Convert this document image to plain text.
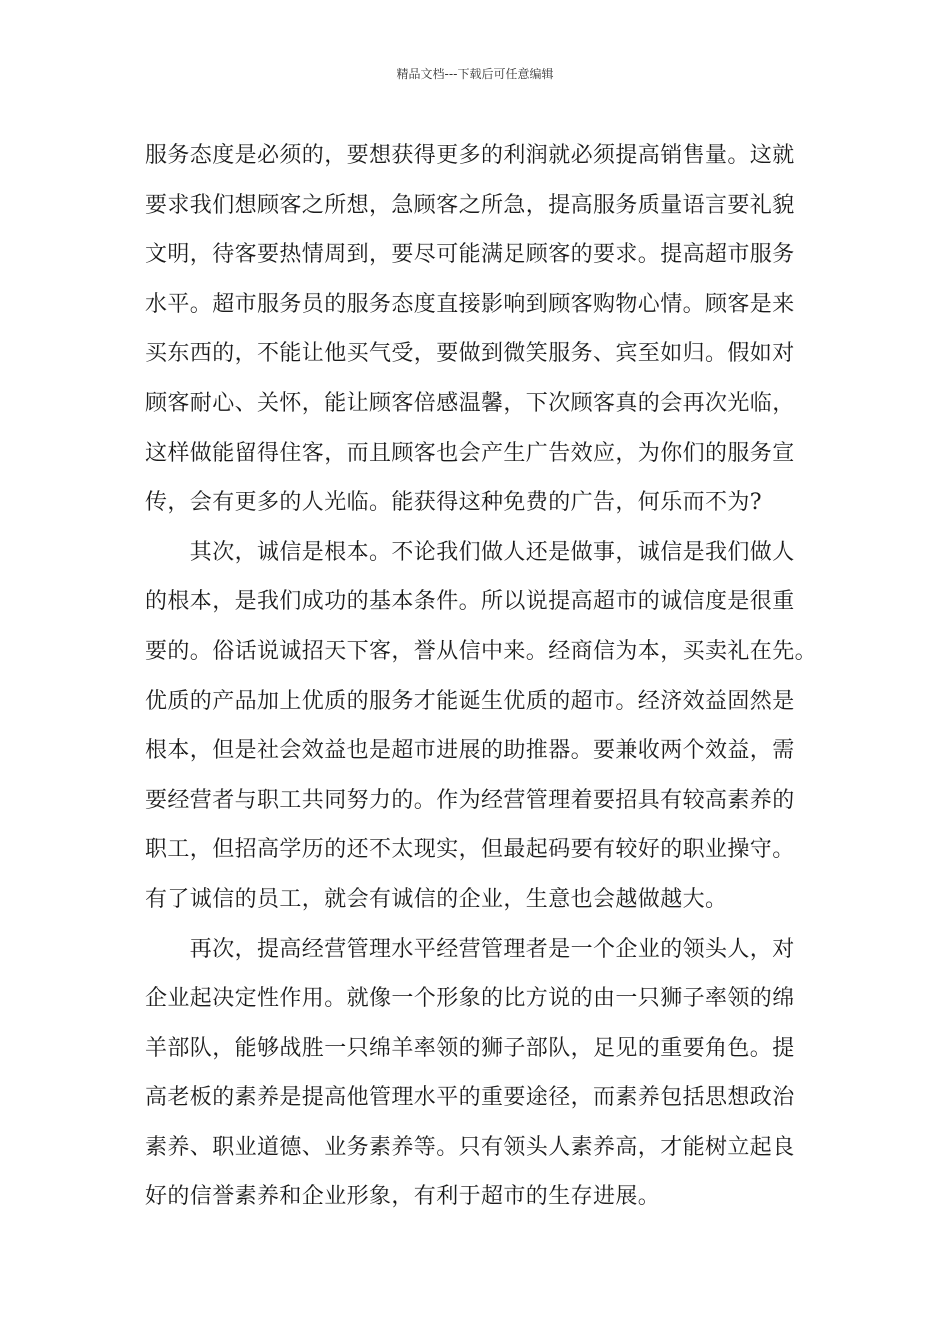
精品文档---下载后可任意编辑
服务态度是必须的，要想获得更多的利润就必须提高销售量。这就
要求我们想顾客之所想，急顾客之所急，提高服务质量语言要礼貌
文明，待客要热情周到，要尽可能满足顾客的要求。提高超市服务
水平。超市服务员的服务态度直接影响到顾客购物心情。顾客是来
买东西的，不能让他买气受，要做到微笑服务、宾至如归。假如对
顾客耐心、关怀，能让顾客倍感温馨，下次顾客真的会再次光临，
这样做能留得住客，而且顾客也会产生广告效应，为你们的服务宣
传，会有更多的人光临。能获得这种免费的广告，何乐而不为?
　　其次，诚信是根本。不论我们做人还是做事，诚信是我们做人
的根本，是我们成功的基本条件。所以说提高超市的诚信度是很重
要的。俗话说诚招天下客，誉从信中来。经商信为本，买卖礼在先。
优质的产品加上优质的服务才能诞生优质的超市。经济效益固然是
根本，但是社会效益也是超市进展的助推器。要兼收两个效益，需
要经营者与职工共同努力的。作为经营管理着要招具有较高素养的
职工，但招高学历的还不太现实，但最起码要有较好的职业操守。
有了诚信的员工，就会有诚信的企业，生意也会越做越大。
　　再次，提高经营管理水平经营管理者是一个企业的领头人，对
企业起决定性作用。就像一个形象的比方说的由一只狮子率领的绵
羊部队，能够战胜一只绵羊率领的狮子部队，足见的重要角色。提
高老板的素养是提高他管理水平的重要途径，而素养包括思想政治
素养、职业道德、业务素养等。只有领头人素养高，才能树立起良
好的信誉素养和企业形象，有利于超市的生存进展。
